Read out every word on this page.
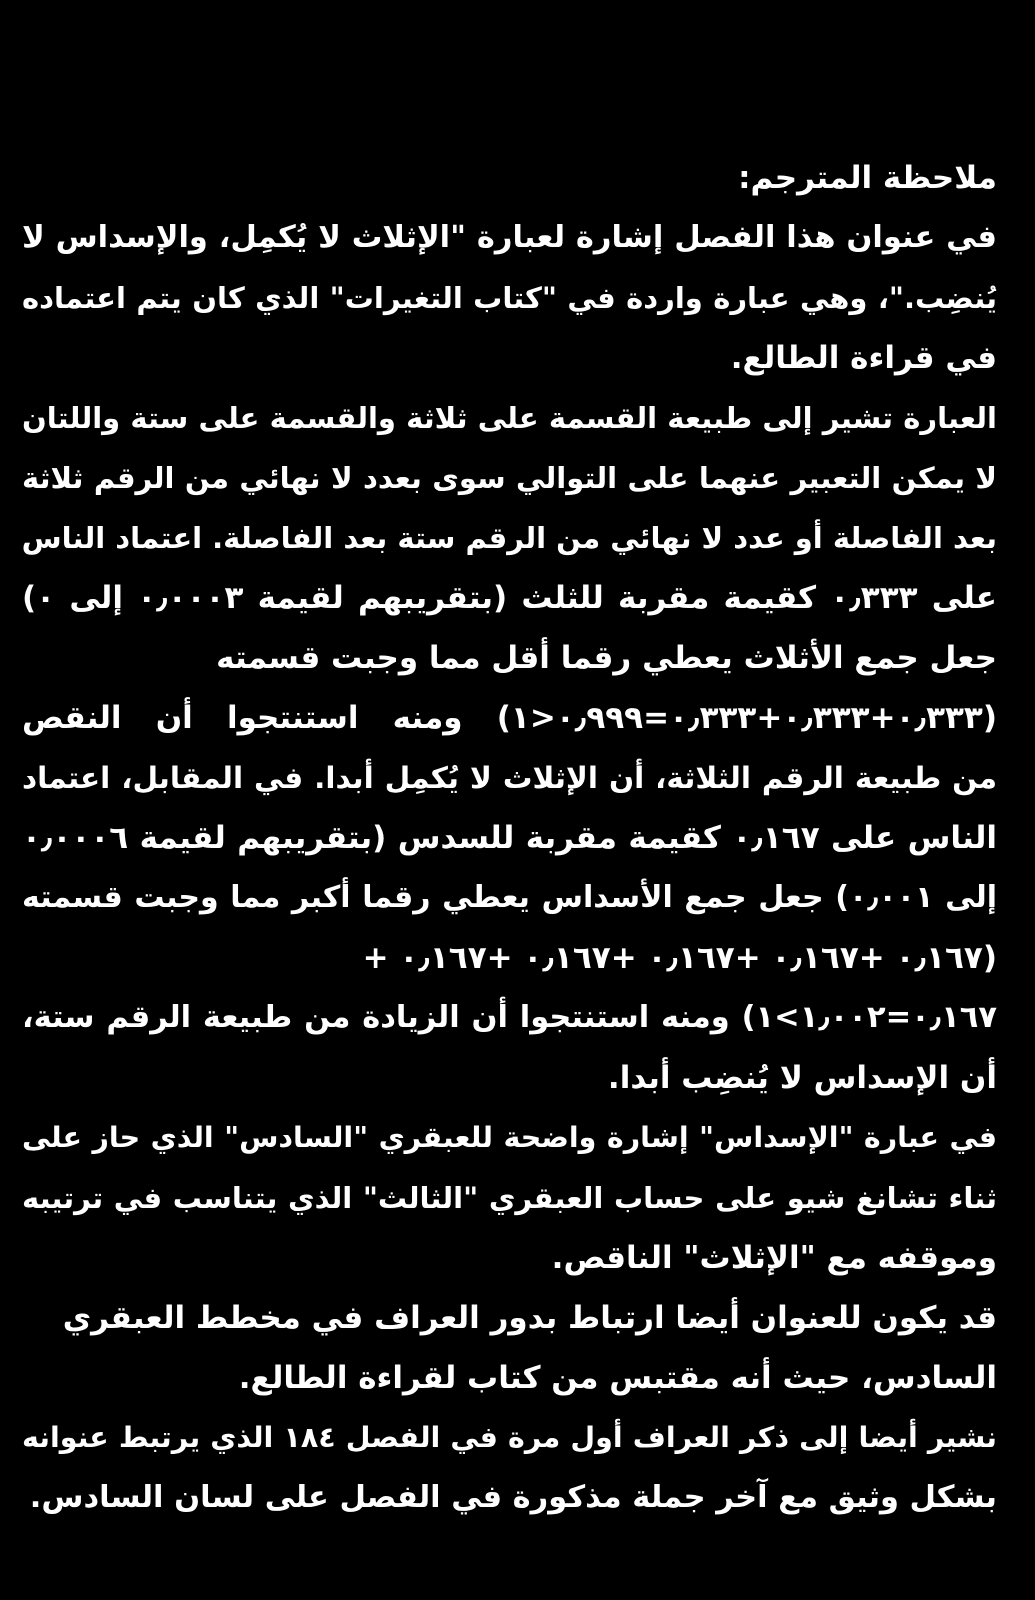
ملاحظة المترجم:
في عنوان هذا الفصل إشارة لعبارة "الإثلاث لا يُكمِل، والإسداس لا
يُنضِب."، وهي عبارة واردة في "كتاب التغيرات" الذي كان يتم اعتماده
في قراءة الطالع.
العبارة تشير إلى طبيعة القسمة على ثلاثة والقسمة على ستة واللتان
لا يمكن التعبير عنهما على التوالي سوى بعدد لا نهائي من الرقم ثلاثة
بعد الفاصلة أو عدد لا نهائي من الرقم ستة بعد الفاصلة. اعتماد الناس
على ٠٫٣٣٣ كقيمة مقربة للثلث (بتقريبهم لقيمة ٠٫٠٠٠٣ إلى ٠)
جعل جمع الأثلاث يعطي رقما أقل مما وجبت قسمته
(٠٫٣٣٣+٠٫٣٣٣+٠٫٣٣٣=٠٫٩٩٩<١) ومنه استنتجوا أن النقص
من طبيعة الرقم الثلاثة، أن الإثلاث لا يُكمِل أبدا. في المقابل، اعتماد
الناس على ٠٫١٦٧ كقيمة مقربة للسدس (بتقريبهم لقيمة ٠٫٠٠٠٦
إلى ٠٫٠٠١) جعل جمع الأسداس يعطي رقما أكبر مما وجبت قسمته
(٠٫١٦٧ +٠٫١٦٧ +٠٫١٦٧ +٠٫١٦٧ +٠٫١٦٧ +
٠٫١٦٧=١٫٠٠٢>١) ومنه استنتجوا أن الزيادة من طبيعة الرقم ستة،
أن الإسداس لا يُنضِب أبدا.
في عبارة "الإسداس" إشارة واضحة للعبقري "السادس" الذي حاز على
ثناء تشانغ شيو على حساب العبقري "الثالث" الذي يتناسب في ترتيبه
وموقفه مع "الإثلاث" الناقص.
قد يكون للعنوان أيضا ارتباط بدور العراف في مخطط العبقري
السادس، حيث أنه مقتبس من كتاب لقراءة الطالع.
نشير أيضا إلى ذكر العراف أول مرة في الفصل ١٨٤ الذي يرتبط عنوانه
بشكل وثيق مع آخر جملة مذكورة في الفصل على لسان السادس.
